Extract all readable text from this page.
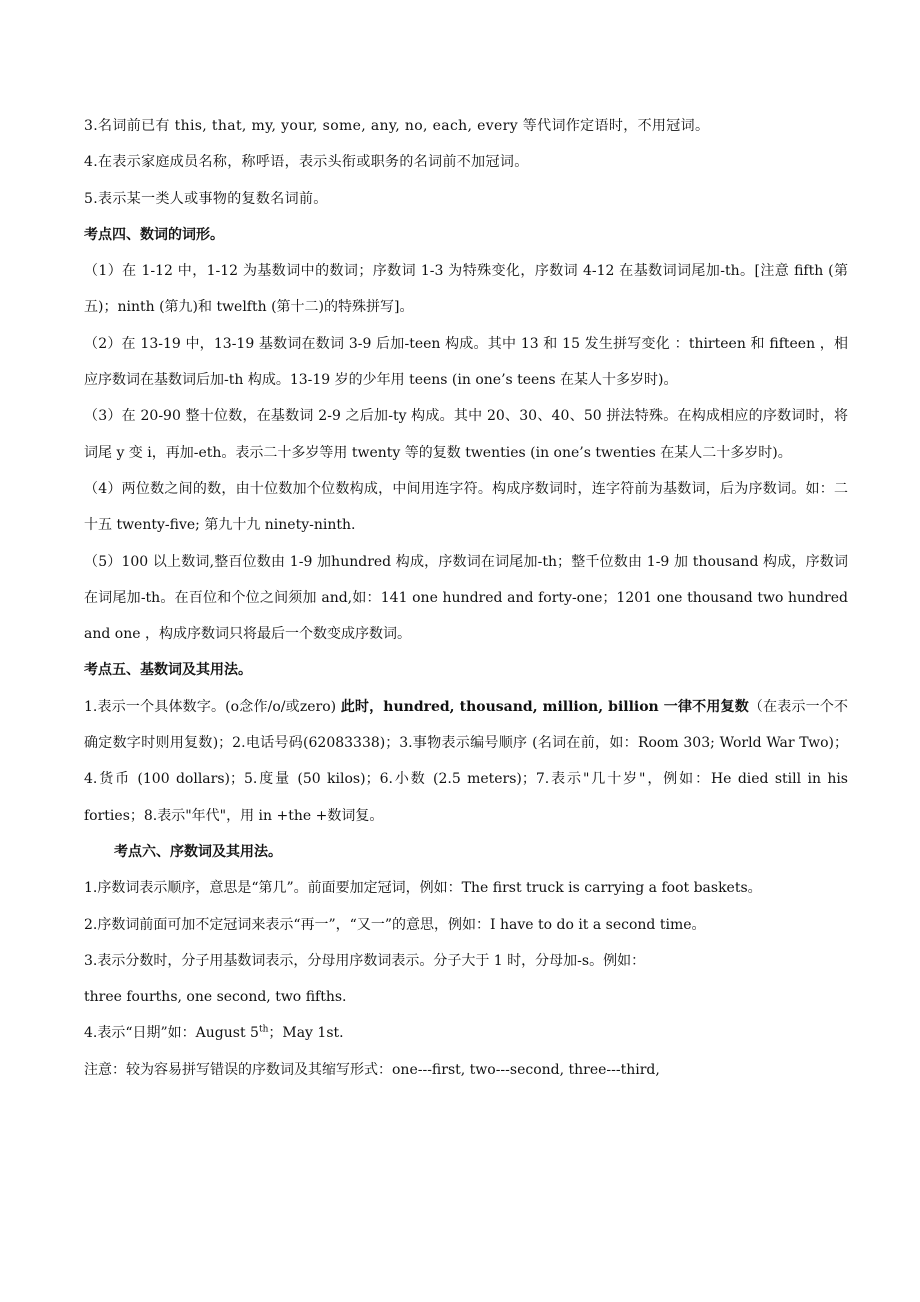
3.名词前已有 this, that, my, your, some, any, no, each, every 等代词作定语时，不用冠词。

4.在表示家庭成员名称，称呼语，表示头衔或职务的名词前不加冠词。

5.表示某一类人或事物的复数名词前。

考点四、数词的词形。

（1）在 1-12 中，1-12 为基数词中的数词；序数词 1-3 为特殊变化，序数词 4-12 在基数词词尾加-th。[注意 fifth (第五)；ninth (第九)和 twelfth (第十二)的特殊拼写]。

（2）在 13-19 中，13-19 基数词在数词 3-9 后加-teen 构成。其中 13 和 15 发生拼写变化 ：thirteen 和 fifteen ，相应序数词在基数词后加-th 构成。13-19 岁的少年用 teens (in one’s teens 在某人十多岁时)。

（3）在 20-90 整十位数，在基数词 2-9 之后加-ty 构成。其中 20、30、40、50 拼法特殊。在构成相应的序数词时，将词尾 y 变 i，再加-eth。表示二十多岁等用 twenty 等的复数 twenties (in one’s twenties 在某人二十多岁时)。

（4）两位数之间的数，由十位数加个位数构成，中间用连字符。构成序数词时，连字符前为基数词，后为序数词。如：二十五 twenty-five; 第九十九 ninety-ninth.

（5）100 以上数词,整百位数由 1-9 加hundred 构成，序数词在词尾加-th；整千位数由 1-9 加 thousand 构成，序数词在词尾加-th。在百位和个位之间须加 and,如：141 one hundred and forty-one；1201 one thousand two hundred and one ，构成序数词只将最后一个数变成序数词。

考点五、基数词及其用法。

1.表示一个具体数字。(o念作/o/或zero) 此时，hundred, thousand, million, billion 一律不用复数（在表示一个不确定数字时则用复数)；2.电话号码(62083338)；3.事物表示编号顺序 (名词在前，如：Room 303; World War Two)；4.货币 (100 dollars)；5.度量 (50 kilos)；6.小数 (2.5 meters)；7.表示"几十岁"，例如：He died still in his forties；8.表示"年代"，用 in +the +数词复。

考点六、序数词及其用法。

1.序数词表示顺序，意思是“第几”。前面要加定冠词，例如：The first truck is carrying a foot baskets。

2.序数词前面可加不定冠词来表示“再一”，“又一”的意思，例如：I have to do it a second time。

3.表示分数时，分子用基数词表示，分母用序数词表示。分子大于 1 时，分母加-s。例如：

three fourths, one second, two fifths.

4.表示“日期”如：August 5th；May 1st.

注意：较为容易拼写错误的序数词及其缩写形式：one---first, two---second, three---third,
